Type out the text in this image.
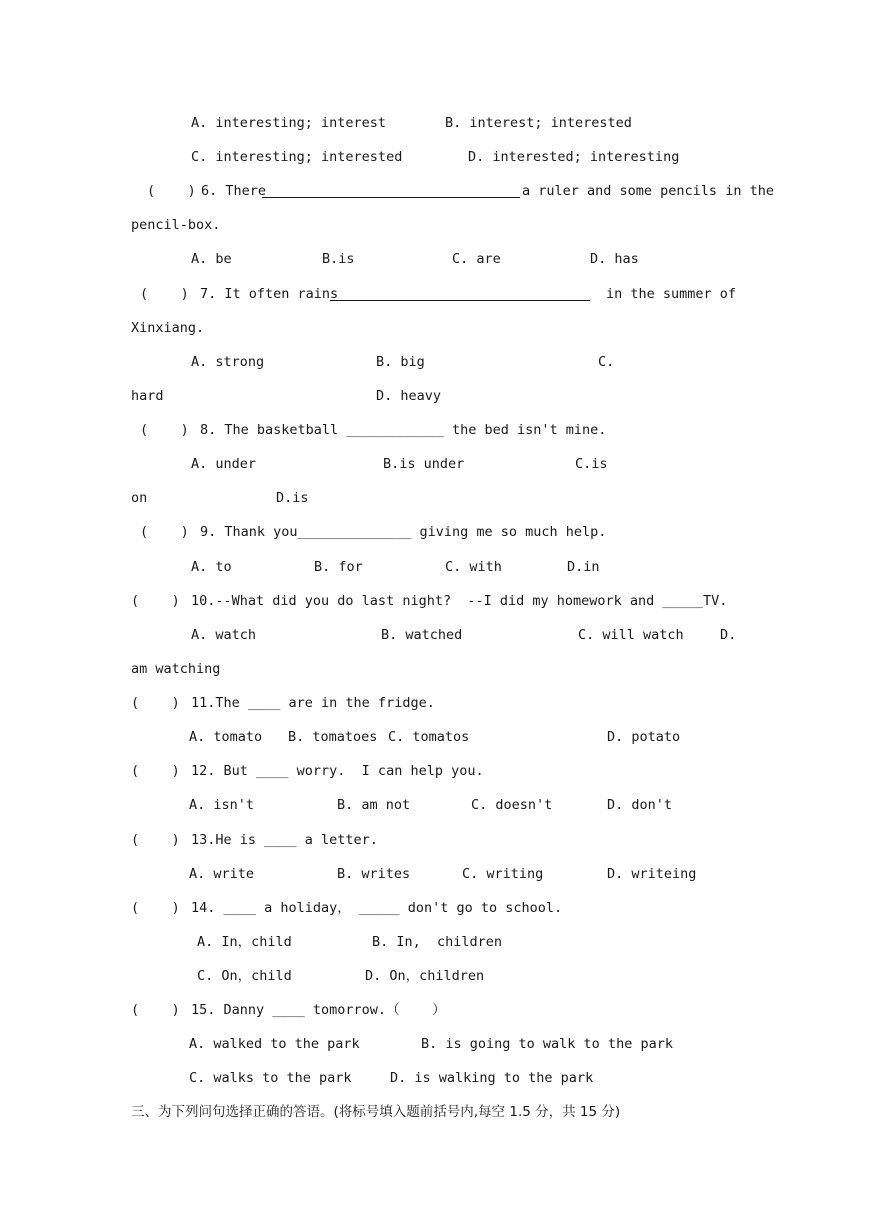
A. interesting; interest	B. interest; interested
C. interesting; interested	D. interested; interesting
(    ) 6. There	a ruler and some pencils in the
pencil-box.
A. be	B.is	C. are	D. has
(    ) 7. It often rains	in the summer of
Xinxiang.
A. strong	B. big	C.
hard	D. heavy
(    ) 8. The basketball ____________ the bed isn't mine.
A. under	B.is under	C.is
on	D.is
(    ) 9. Thank you______________ giving me so much help.
A. to	B. for	C. with	D.in
(    ) 10.--What did you do last night?  --I did my homework and _____TV.
A. watch	B. watched	C. will watch	D.
am watching
(    ) 11.The ____ are in the fridge.
A. tomato B. tomatoes C. tomatos	D. potato
(    ) 12. But ____ worry.  I can help you.
A. isn't	B. am not	C. doesn't	D. don't
(    ) 13.He is ____ a letter.
A. write	B. writes	C. writing	D. writeing
(    ) 14. ____ a holiday， _____ don't go to school.
A. In，child	B. In,  children
C. On，child	D. On，children
(    ) 15. Danny ____ tomorrow.（    ）
A. walked to the park	B. is going to walk to the park
C. walks to the park	D. is walking to the park
三、为下列问句选择正确的答语。(将标号填入题前括号内,每空 1.5 分，共 15 分)
